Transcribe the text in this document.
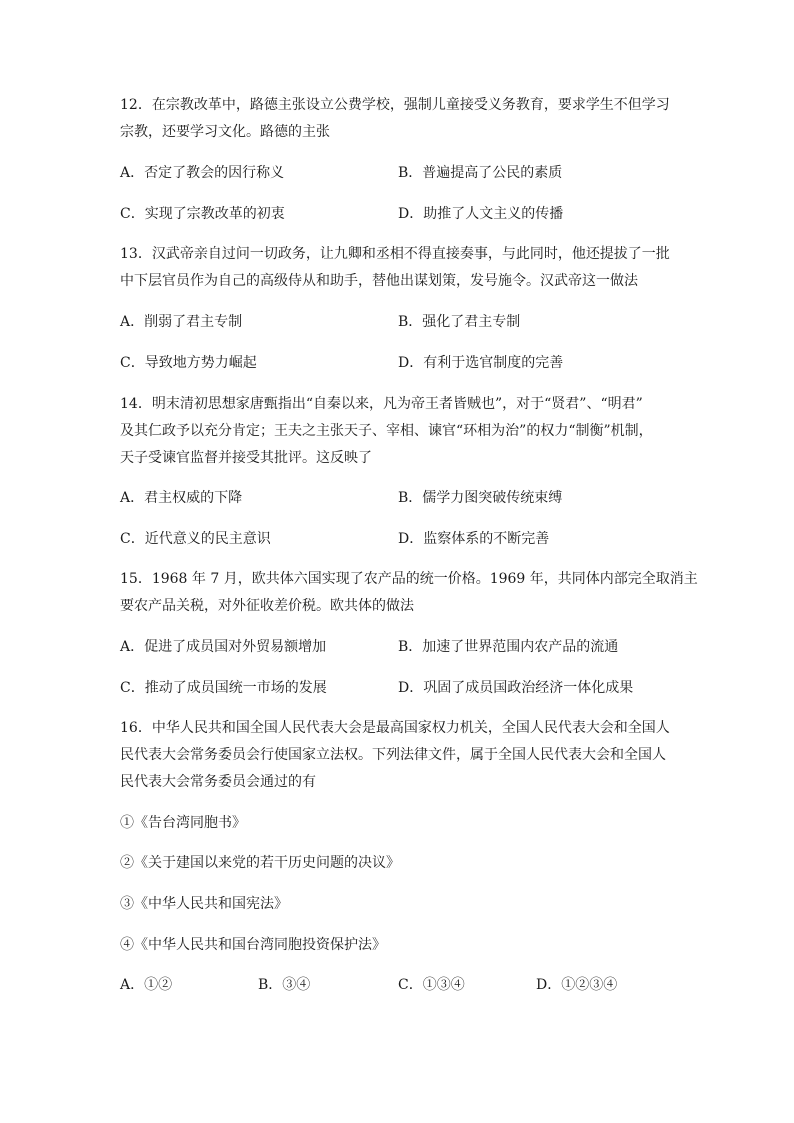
12．在宗教改革中，路德主张设立公费学校，强制儿童接受义务教育，要求学生不但学习
宗教，还要学习文化。路德的主张
A．否定了教会的因行称义	B．普遍提高了公民的素质
C．实现了宗教改革的初衷	D．助推了人文主义的传播
13．汉武帝亲自过问一切政务，让九卿和丞相不得直接奏事，与此同时，他还提拔了一批
中下层官员作为自己的高级侍从和助手，替他出谋划策，发号施令。汉武帝这一做法
A．削弱了君主专制	B．强化了君主专制
C．导致地方势力崛起	D．有利于选官制度的完善
14．明末清初思想家唐甄指出“自秦以来，凡为帝王者皆贼也”，对于“贤君”、“明君”
及其仁政予以充分肯定；王夫之主张天子、宰相、谏官“环相为治”的权力“制衡”机制，
天子受谏官监督并接受其批评。这反映了
A．君主权威的下降	B．儒学力图突破传统束缚
C．近代意义的民主意识	D．监察体系的不断完善
15．1968 年 7 月，欧共体六国实现了农产品的统一价格。1969 年，共同体内部完全取消主
要农产品关税，对外征收差价税。欧共体的做法
A．促进了成员国对外贸易额增加	B．加速了世界范围内农产品的流通
C．推动了成员国统一市场的发展	D．巩固了成员国政治经济一体化成果
16．中华人民共和国全国人民代表大会是最高国家权力机关，全国人民代表大会和全国人
民代表大会常务委员会行使国家立法权。下列法律文件，属于全国人民代表大会和全国人
民代表大会常务委员会通过的有
①《告台湾同胞书》
②《关于建国以来党的若干历史问题的决议》
③《中华人民共和国宪法》
④《中华人民共和国台湾同胞投资保护法》
A．①②	B．③④	C．①③④	D．①②③④
